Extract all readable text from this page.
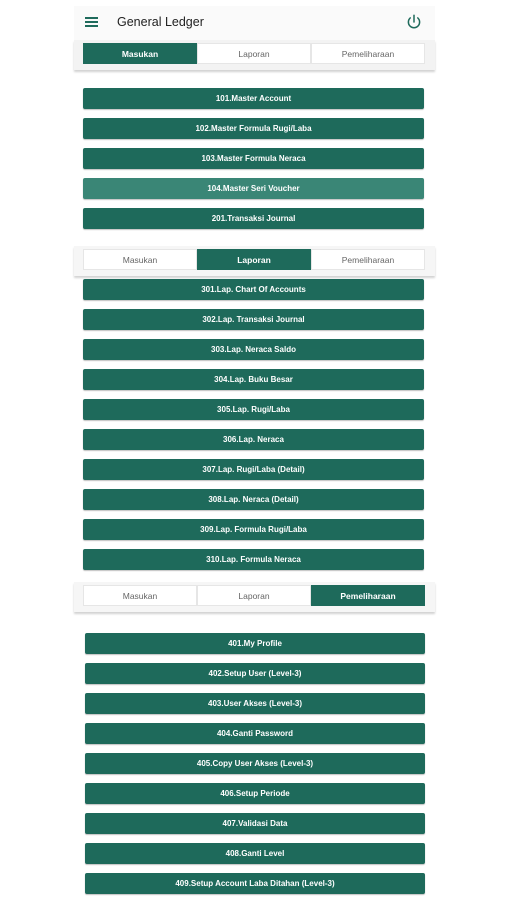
General Ledger
Masukan	Laporan	Pemeliharaan
101.Master Account
102.Master Formula Rugi/Laba
103.Master Formula Neraca
104.Master Seri Voucher
201.Transaksi Journal
Masukan	Laporan	Pemeliharaan
301.Lap. Chart Of Accounts
302.Lap. Transaksi Journal
303.Lap. Neraca Saldo
304.Lap. Buku Besar
305.Lap. Rugi/Laba
306.Lap. Neraca
307.Lap. Rugi/Laba (Detail)
308.Lap. Neraca (Detail)
309.Lap. Formula Rugi/Laba
310.Lap. Formula Neraca
Masukan	Laporan	Pemeliharaan
401.My Profile
402.Setup User (Level-3)
403.User Akses (Level-3)
404.Ganti Password
405.Copy User Akses (Level-3)
406.Setup Periode
407.Validasi Data
408.Ganti Level
409.Setup Account Laba Ditahan (Level-3)
